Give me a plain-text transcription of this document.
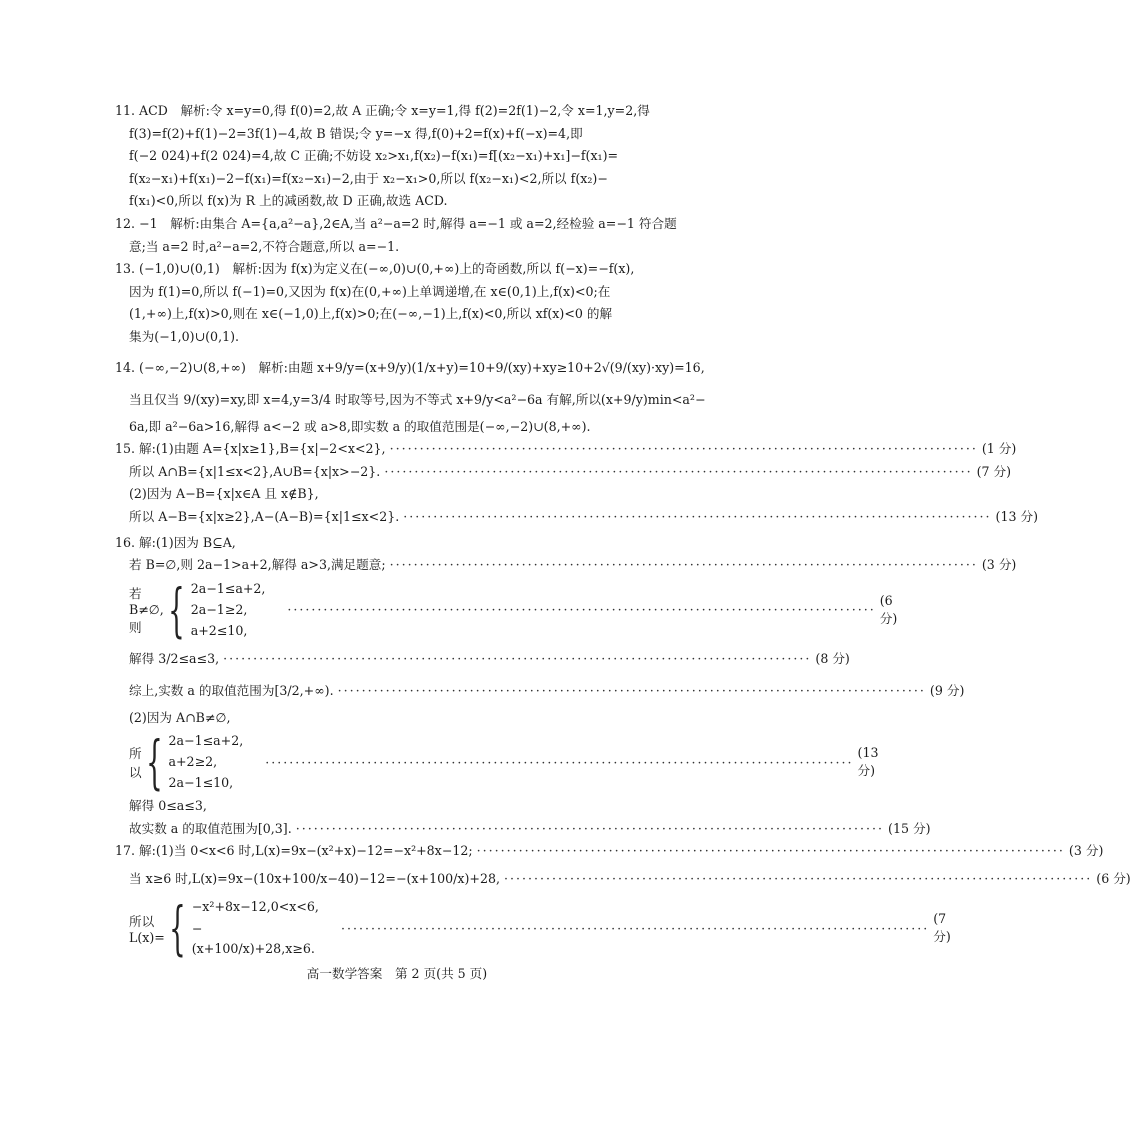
11. ACD　解析:令 x=y=0,得 f(0)=2,故 A 正确;令 x=y=1,得 f(2)=2f(1)−2,令 x=1,y=2,得
f(3)=f(2)+f(1)−2=3f(1)−4,故 B 错误;令 y=−x 得,f(0)+2=f(x)+f(−x)=4,即
f(−2 024)+f(2 024)=4,故 C 正确;不妨设 x₂>x₁,f(x₂)−f(x₁)=f[(x₂−x₁)+x₁]−f(x₁)=
f(x₂−x₁)+f(x₁)−2−f(x₁)=f(x₂−x₁)−2,由于 x₂−x₁>0,所以 f(x₂−x₁)<2,所以 f(x₂)−
f(x₁)<0,所以 f(x)为 R 上的减函数,故 D 正确,故选 ACD.
12. −1　解析:由集合 A={a,a²−a},2∈A,当 a²−a=2 时,解得 a=−1 或 a=2,经检验 a=−1 符合题
意;当 a=2 时,a²−a=2,不符合题意,所以 a=−1.
13. (−1,0)∪(0,1)　解析:因为 f(x)为定义在(−∞,0)∪(0,+∞)上的奇函数,所以 f(−x)=−f(x),
因为 f(1)=0,所以 f(−1)=0,又因为 f(x)在(0,+∞)上单调递增,在 x∈(0,1)上,f(x)<0;在
(1,+∞)上,f(x)>0,则在 x∈(−1,0)上,f(x)>0;在(−∞,−1)上,f(x)<0,所以 xf(x)<0 的解
集为(−1,0)∪(0,1).
14. (−∞,−2)∪(8,+∞)　解析:由题 x+9/y=(x+9/y)(1/x+y)=10+9/(xy)+xy≥10+2√(9/(xy)·xy)=16,
当且仅当 9/(xy)=xy,即 x=4,y=3/4 时取等号,因为不等式 x+9/y<a²−6a 有解,所以(x+9/y)min<a²−
6a,即 a²−6a>16,解得 a<−2 或 a>8,即实数 a 的取值范围是(−∞,−2)∪(8,+∞).
15. 解:(1)由题 A={x|x≥1},B={x|−2<x<2}, ·································································································· (1 分)
所以 A∩B={x|1≤x<2},A∪B={x|x>−2}. ·································································································· (7 分)
(2)因为 A−B={x|x∈A 且 x∉B},
所以 A−B={x|x≥2},A−(A−B)={x|1≤x<2}. ·································································································· (13 分)
16. 解:(1)因为 B⊆A,
若 B=∅,则 2a−1>a+2,解得 a>3,满足题意; ·································································································· (3 分)
若 B≠∅,则 { 2a−1≤a+2,
2a−1≥2,
a+2≤10,
··································································································
(6 分)
解得 3/2≤a≤3, ·································································································· (8 分)
综上,实数 a 的取值范围为[3/2,+∞). ·································································································· (9 分)
(2)因为 A∩B≠∅,
所以 { 2a−1≤a+2,
a+2≥2,
2a−1≤10,
··································································································
(13 分)
解得 0≤a≤3,
故实数 a 的取值范围为[0,3]. ·································································································· (15 分)
17. 解:(1)当 0<x<6 时,L(x)=9x−(x²+x)−12=−x²+8x−12; ·································································································· (3 分)
当 x≥6 时,L(x)=9x−(10x+100/x−40)−12=−(x+100/x)+28, ·································································································· (6 分)
所以 L(x)= { −x²+8x−12,0<x<6,
−(x+100/x)+28,x≥6.
··································································································
(7 分)
高一数学答案　第 2 页(共 5 页)
